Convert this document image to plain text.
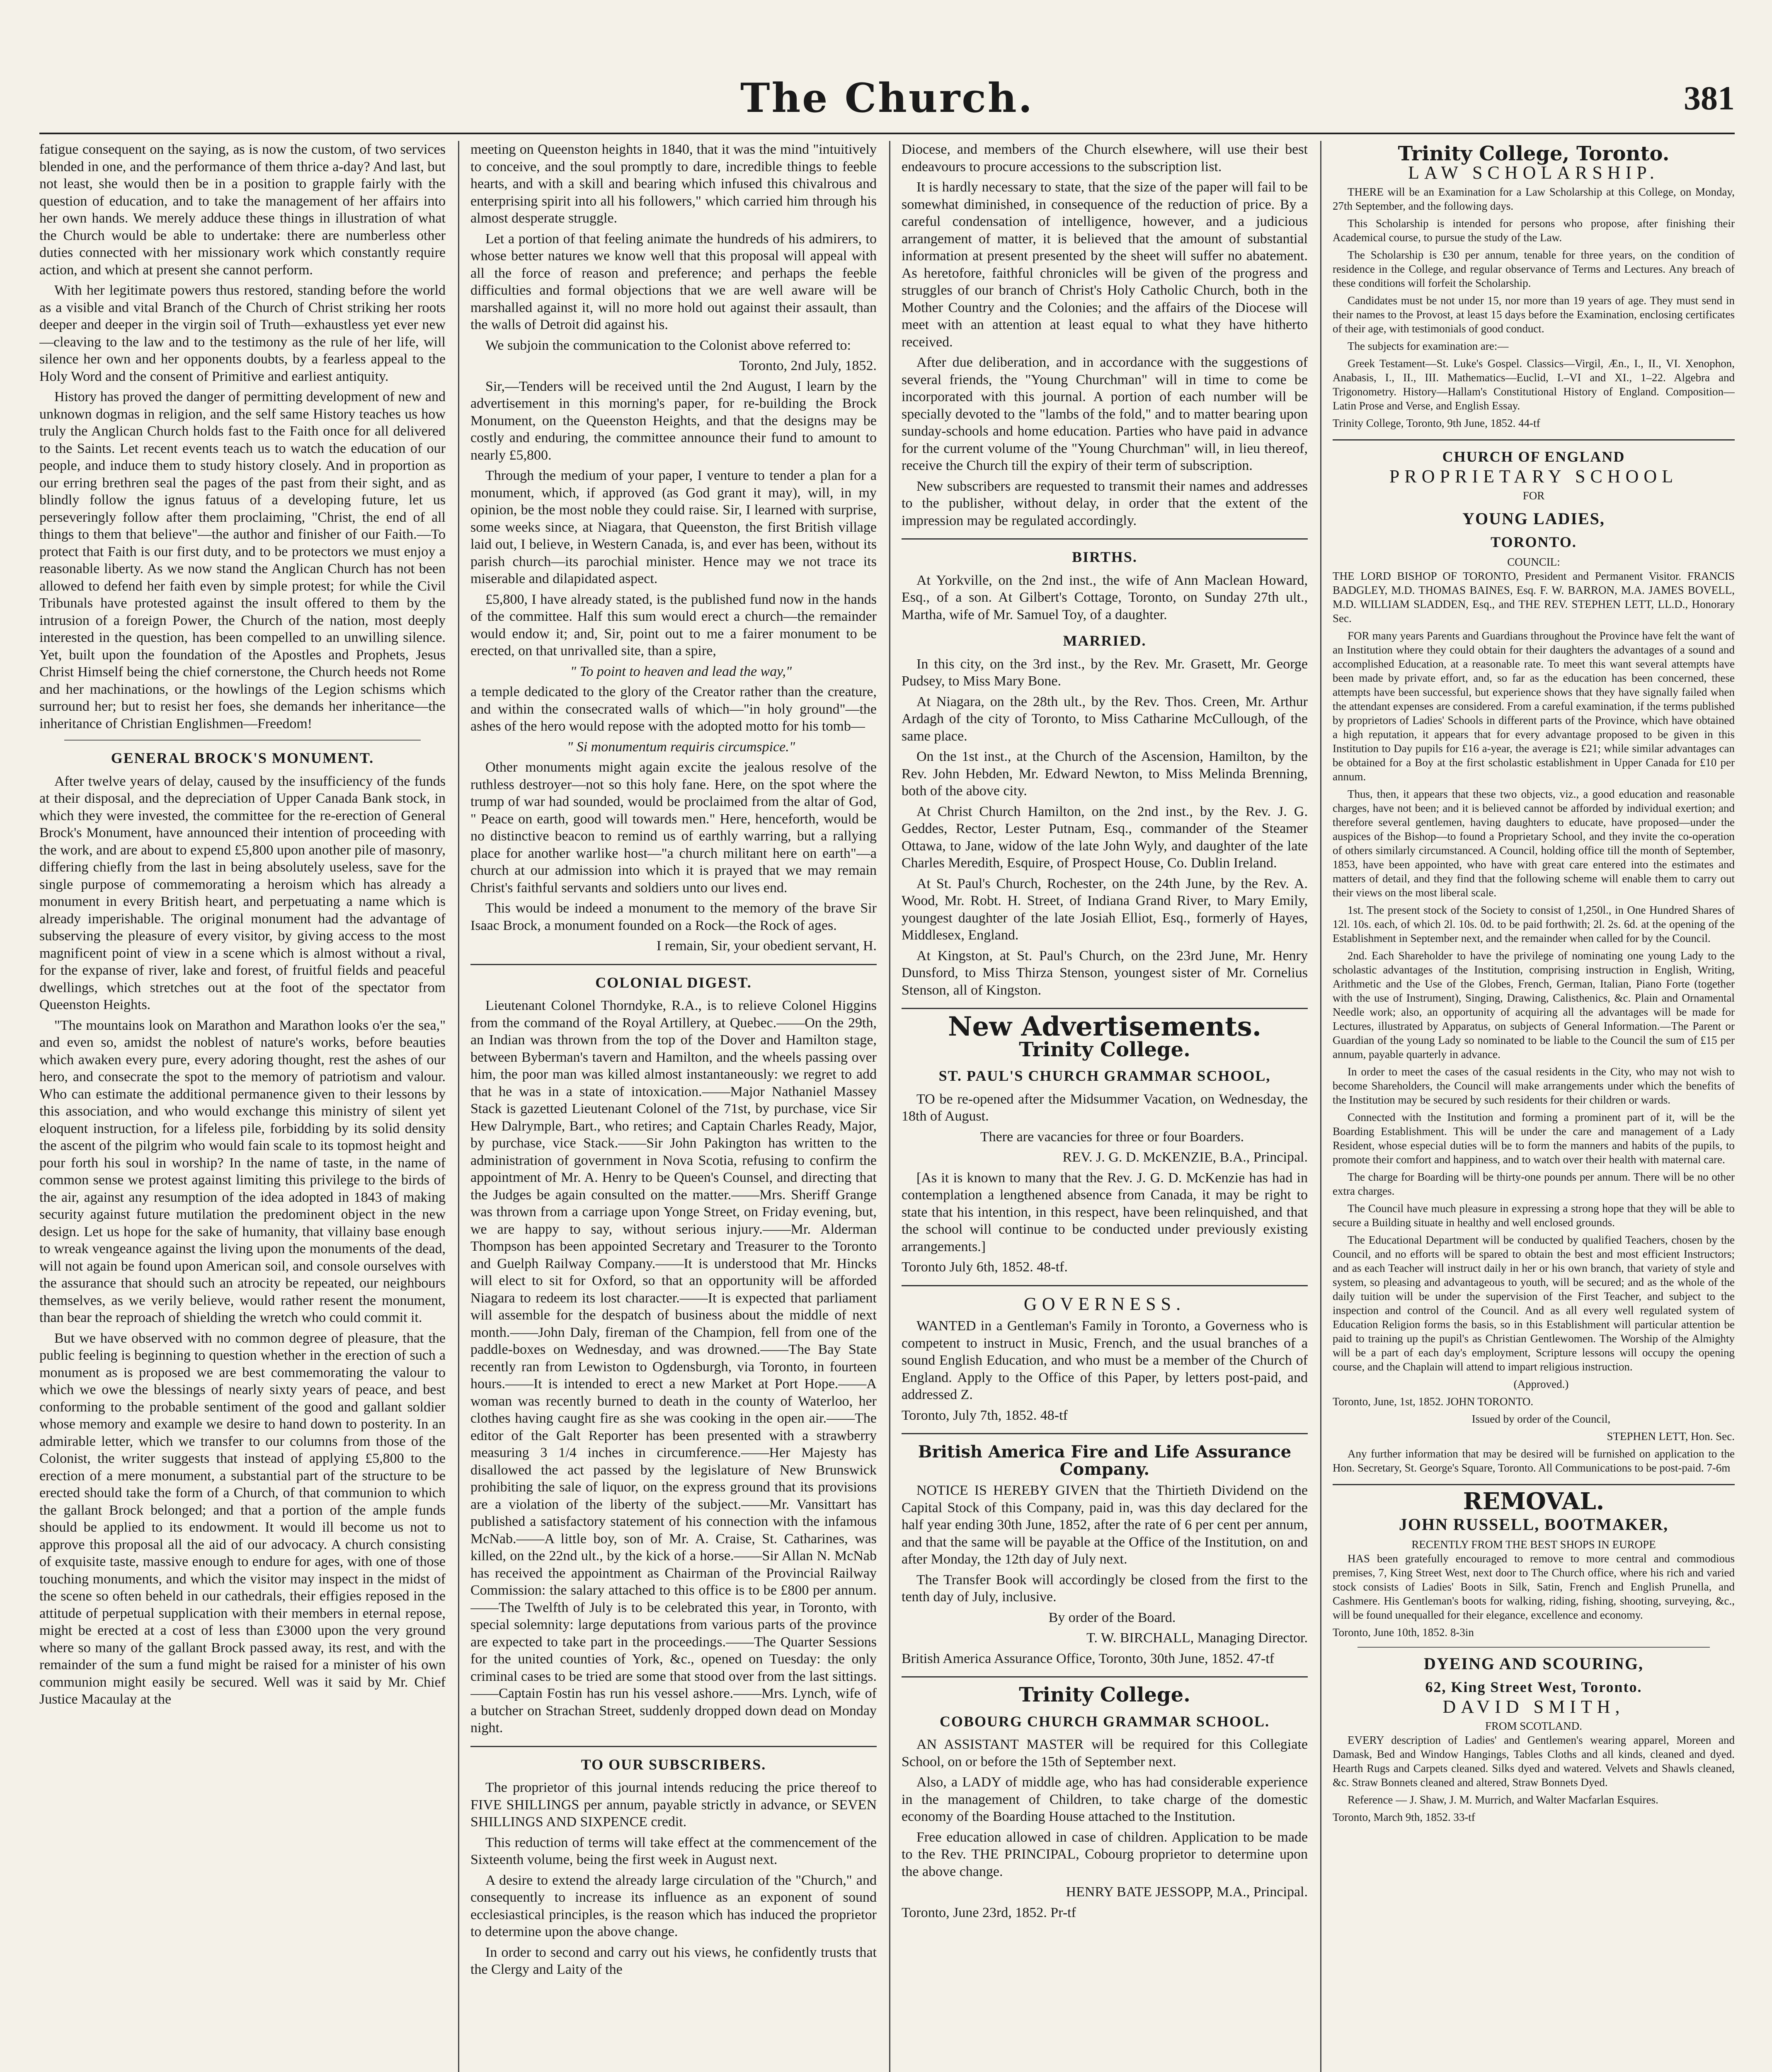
The Church.	381

fatigue consequent on the saying, as is now the custom, of two services blended in one, and the performance of them thrice a-day? And last, but not least, she would then be in a position to grapple fairly with the question of education, and to take the management of her affairs into her own hands. We merely adduce these things in illustration of what the Church would be able to undertake: there are numberless other duties connected with her missionary work which constantly require action, and which at present she cannot perform.

With her legitimate powers thus restored, standing before the world as a visible and vital Branch of the Church of Christ striking her roots deeper and deeper in the virgin soil of Truth—exhaustless yet ever new—cleaving to the law and to the testimony as the rule of her life, will silence her own and her opponents doubts, by a fearless appeal to the Holy Word and the consent of Primitive and earliest antiquity.

History has proved the danger of permitting development of new and unknown dogmas in religion, and the self same History teaches us how truly the Anglican Church holds fast to the Faith once for all delivered to the Saints. Let recent events teach us to watch the education of our people, and induce them to study history closely. And in proportion as our erring brethren seal the pages of the past from their sight, and as blindly follow the ignus fatuus of a developing future, let us perseveringly follow after them proclaiming, "Christ, the end of all things to them that believe"—the author and finisher of our Faith.—To protect that Faith is our first duty, and to be protectors we must enjoy a reasonable liberty. As we now stand the Anglican Church has not been allowed to defend her faith even by simple protest; for while the Civil Tribunals have protested against the insult offered to them by the intrusion of a foreign Power, the Church of the nation, most deeply interested in the question, has been compelled to an unwilling silence. Yet, built upon the foundation of the Apostles and Prophets, Jesus Christ Himself being the chief cornerstone, the Church heeds not Rome and her machinations, or the howlings of the Legion schisms which surround her; but to resist her foes, she demands her inheritance—the inheritance of Christian Englishmen—Freedom!

GENERAL BROCK'S MONUMENT.

After twelve years of delay, caused by the insufficiency of the funds at their disposal, and the depreciation of Upper Canada Bank stock, in which they were invested, the committee for the re-erection of General Brock's Monument, have announced their intention of proceeding with the work, and are about to expend £5,800 upon another pile of masonry, differing chiefly from the last in being absolutely useless, save for the single purpose of commemorating a heroism which has already a monument in every British heart, and perpetuating a name which is already imperishable. The original monument had the advantage of subserving the pleasure of every visitor, by giving access to the most magnificent point of view in a scene which is almost without a rival, for the expanse of river, lake and forest, of fruitful fields and peaceful dwellings, which stretches out at the foot of the spectator from Queenston Heights.

"The mountains look on Marathon and Marathon looks o'er the sea," and even so, amidst the noblest of nature's works, before beauties which awaken every pure, every adoring thought, rest the ashes of our hero, and consecrate the spot to the memory of patriotism and valour. Who can estimate the additional permanence given to their lessons by this association, and who would exchange this ministry of silent yet eloquent instruction, for a lifeless pile, forbidding by its solid density the ascent of the pilgrim who would fain scale to its topmost height and pour forth his soul in worship? In the name of taste, in the name of common sense we protest against limiting this privilege to the birds of the air, against any resumption of the idea adopted in 1843 of making security against future mutilation the predominent object in the new design. Let us hope for the sake of humanity, that villainy base enough to wreak vengeance against the living upon the monuments of the dead, will not again be found upon American soil, and console ourselves with the assurance that should such an atrocity be repeated, our neighbours themselves, as we verily believe, would rather resent the monument, than bear the reproach of shielding the wretch who could commit it.

But we have observed with no common degree of pleasure, that the public feeling is beginning to question whether in the erection of such a monument as is proposed we are best commemorating the valour to which we owe the blessings of nearly sixty years of peace, and best conforming to the probable sentiment of the good and gallant soldier whose memory and example we desire to hand down to posterity. In an admirable letter, which we transfer to our columns from those of the Colonist, the writer suggests that instead of applying £5,800 to the erection of a mere monument, a substantial part of the structure to be erected should take the form of a Church, of that communion to which the gallant Brock belonged; and that a portion of the ample funds should be applied to its endowment. It would ill become us not to approve this proposal all the aid of our advocacy. A church consisting of exquisite taste, massive enough to endure for ages, with one of those touching monuments, and which the visitor may inspect in the midst of the scene so often beheld in our cathedrals, their effigies reposed in the attitude of perpetual supplication with their members in eternal repose, might be erected at a cost of less than £3000 upon the very ground where so many of the gallant Brock passed away, its rest, and with the remainder of the sum a fund might be raised for a minister of his own communion might easily be secured. Well was it said by Mr. Chief Justice Macaulay at the

meeting on Queenston heights in 1840, that it was the mind "intuitively to conceive, and the soul promptly to dare, incredible things to feeble hearts, and with a skill and bearing which infused this chivalrous and enterprising spirit into all his followers," which carried him through his almost desperate struggle.

Let a portion of that feeling animate the hundreds of his admirers, to whose better natures we know well that this proposal will appeal with all the force of reason and preference; and perhaps the feeble difficulties and formal objections that we are well aware will be marshalled against it, will no more hold out against their assault, than the walls of Detroit did against his.

We subjoin the communication to the Colonist above referred to:

Toronto, 2nd July, 1852.

Sir,—Tenders will be received until the 2nd August, I learn by the advertisement in this morning's paper, for re-building the Brock Monument, on the Queenston Heights, and that the designs may be costly and enduring, the committee announce their fund to amount to nearly £5,800.

Through the medium of your paper, I venture to tender a plan for a monument, which, if approved (as God grant it may), will, in my opinion, be the most noble they could raise. Sir, I learned with surprise, some weeks since, at Niagara, that Queenston, the first British village laid out, I believe, in Western Canada, is, and ever has been, without its parish church—its parochial minister. Hence may we not trace its miserable and dilapidated aspect.

£5,800, I have already stated, is the published fund now in the hands of the committee. Half this sum would erect a church—the remainder would endow it; and, Sir, point out to me a fairer monument to be erected, on that unrivalled site, than a spire,

" To point to heaven and lead the way,"

a temple dedicated to the glory of the Creator rather than the creature, and within the consecrated walls of which—"in holy ground"—the ashes of the hero would repose with the adopted motto for his tomb—

" Si monumentum requiris circumspice."

Other monuments might again excite the jealous resolve of the ruthless destroyer—not so this holy fane. Here, on the spot where the trump of war had sounded, would be proclaimed from the altar of God, " Peace on earth, good will towards men." Here, henceforth, would be no distinctive beacon to remind us of earthly warring, but a rallying place for another warlike host—"a church militant here on earth"—a church at our admission into which it is prayed that we may remain Christ's faithful servants and soldiers unto our lives end.

This would be indeed a monument to the memory of the brave Sir Isaac Brock, a monument founded on a Rock—the Rock of ages.

I remain, Sir, your obedient servant, H.

COLONIAL DIGEST.

Lieutenant Colonel Thorndyke, R.A., is to relieve Colonel Higgins from the command of the Royal Artillery, at Quebec.——On the 29th, an Indian was thrown from the top of the Dover and Hamilton stage, between Byberman's tavern and Hamilton, and the wheels passing over him, the poor man was killed almost instantaneously: we regret to add that he was in a state of intoxication.——Major Nathaniel Massey Stack is gazetted Lieutenant Colonel of the 71st, by purchase, vice Sir Hew Dalrymple, Bart., who retires; and Captain Charles Ready, Major, by purchase, vice Stack.——Sir John Pakington has written to the administration of government in Nova Scotia, refusing to confirm the appointment of Mr. A. Henry to be Queen's Counsel, and directing that the Judges be again consulted on the matter.——Mrs. Sheriff Grange was thrown from a carriage upon Yonge Street, on Friday evening, but, we are happy to say, without serious injury.——Mr. Alderman Thompson has been appointed Secretary and Treasurer to the Toronto and Guelph Railway Company.——It is understood that Mr. Hincks will elect to sit for Oxford, so that an opportunity will be afforded Niagara to redeem its lost character.——It is expected that parliament will assemble for the despatch of business about the middle of next month.——John Daly, fireman of the Champion, fell from one of the paddle-boxes on Wednesday, and was drowned.——The Bay State recently ran from Lewiston to Ogdensburgh, via Toronto, in fourteen hours.——It is intended to erect a new Market at Port Hope.——A woman was recently burned to death in the county of Waterloo, her clothes having caught fire as she was cooking in the open air.——The editor of the Galt Reporter has been presented with a strawberry measuring 3 1/4 inches in circumference.——Her Majesty has disallowed the act passed by the legislature of New Brunswick prohibiting the sale of liquor, on the express ground that its provisions are a violation of the liberty of the subject.——Mr. Vansittart has published a satisfactory statement of his connection with the infamous McNab.——A little boy, son of Mr. A. Craise, St. Catharines, was killed, on the 22nd ult., by the kick of a horse.——Sir Allan N. McNab has received the appointment as Chairman of the Provincial Railway Commission: the salary attached to this office is to be £800 per annum.——The Twelfth of July is to be celebrated this year, in Toronto, with special solemnity: large deputations from various parts of the province are expected to take part in the proceedings.——The Quarter Sessions for the united counties of York, &c., opened on Tuesday: the only criminal cases to be tried are some that stood over from the last sittings.——Captain Fostin has run his vessel ashore.——Mrs. Lynch, wife of a butcher on Strachan Street, suddenly dropped down dead on Monday night.

TO OUR SUBSCRIBERS.

The proprietor of this journal intends reducing the price thereof to FIVE SHILLINGS per annum, payable strictly in advance, or SEVEN SHILLINGS AND SIXPENCE credit.

This reduction of terms will take effect at the commencement of the Sixteenth volume, being the first week in August next.

A desire to extend the already large circulation of the "Church," and consequently to increase its influence as an exponent of sound ecclesiastical principles, is the reason which has induced the proprietor to determine upon the above change.

In order to second and carry out his views, he confidently trusts that the Clergy and Laity of the

Diocese, and members of the Church elsewhere, will use their best endeavours to procure accessions to the subscription list.

It is hardly necessary to state, that the size of the paper will fail to be somewhat diminished, in consequence of the reduction of price. By a careful condensation of intelligence, however, and a judicious arrangement of matter, it is believed that the amount of substantial information at present presented by the sheet will suffer no abatement. As heretofore, faithful chronicles will be given of the progress and struggles of our branch of Christ's Holy Catholic Church, both in the Mother Country and the Colonies; and the affairs of the Diocese will meet with an attention at least equal to what they have hitherto received.

After due deliberation, and in accordance with the suggestions of several friends, the "Young Churchman" will in time to come be incorporated with this journal. A portion of each number will be specially devoted to the "lambs of the fold," and to matter bearing upon sunday-schools and home education. Parties who have paid in advance for the current volume of the "Young Churchman" will, in lieu thereof, receive the Church till the expiry of their term of subscription.

New subscribers are requested to transmit their names and addresses to the publisher, without delay, in order that the extent of the impression may be regulated accordingly.

BIRTHS.

At Yorkville, on the 2nd inst., the wife of Ann Maclean Howard, Esq., of a son. At Gilbert's Cottage, Toronto, on Sunday 27th ult., Martha, wife of Mr. Samuel Toy, of a daughter.

MARRIED.

In this city, on the 3rd inst., by the Rev. Mr. Grasett, Mr. George Pudsey, to Miss Mary Bone.

At Niagara, on the 28th ult., by the Rev. Thos. Creen, Mr. Arthur Ardagh of the city of Toronto, to Miss Catharine McCullough, of the same place.

On the 1st inst., at the Church of the Ascension, Hamilton, by the Rev. John Hebden, Mr. Edward Newton, to Miss Melinda Brenning, both of the above city.

At Christ Church Hamilton, on the 2nd inst., by the Rev. J. G. Geddes, Rector, Lester Putnam, Esq., commander of the Steamer Ottawa, to Jane, widow of the late John Wyly, and daughter of the late Charles Meredith, Esquire, of Prospect House, Co. Dublin Ireland.

At St. Paul's Church, Rochester, on the 24th June, by the Rev. A. Wood, Mr. Robt. H. Street, of Indiana Grand River, to Mary Emily, youngest daughter of the late Josiah Elliot, Esq., formerly of Hayes, Middlesex, England.

At Kingston, at St. Paul's Church, on the 23rd June, Mr. Henry Dunsford, to Miss Thirza Stenson, youngest sister of Mr. Cornelius Stenson, all of Kingston.

New Advertisements.
Trinity College.
ST. PAUL'S CHURCH GRAMMAR SCHOOL,

TO be re-opened after the Midsummer Vacation, on Wednesday, the 18th of August.

There are vacancies for three or four Boarders.

REV. J. G. D. McKENZIE, B.A., Principal.

[As it is known to many that the Rev. J. G. D. McKenzie has had in contemplation a lengthened absence from Canada, it may be right to state that his intention, in this respect, have been relinquished, and that the school will continue to be conducted under previously existing arrangements.]

Toronto July 6th, 1852. 48-tf.

GOVERNESS.

WANTED in a Gentleman's Family in Toronto, a Governess who is competent to instruct in Music, French, and the usual branches of a sound English Education, and who must be a member of the Church of England. Apply to the Office of this Paper, by letters post-paid, and addressed Z.

Toronto, July 7th, 1852. 48-tf

British America Fire and Life Assurance Company.

NOTICE IS HEREBY GIVEN that the Thirtieth Dividend on the Capital Stock of this Company, paid in, was this day declared for the half year ending 30th June, 1852, after the rate of 6 per cent per annum, and that the same will be payable at the Office of the Institution, on and after Monday, the 12th day of July next.

The Transfer Book will accordingly be closed from the first to the tenth day of July, inclusive.

By order of the Board.

T. W. BIRCHALL, Managing Director.

British America Assurance Office, Toronto, 30th June, 1852. 47-tf

Trinity College.
COBOURG CHURCH GRAMMAR SCHOOL.

AN ASSISTANT MASTER will be required for this Collegiate School, on or before the 15th of September next.

Also, a LADY of middle age, who has had considerable experience in the management of Children, to take charge of the domestic economy of the Boarding House attached to the Institution.

Free education allowed in case of children. Application to be made to the Rev. THE PRINCIPAL, Cobourg proprietor to determine upon the above change.

HENRY BATE JESSOPP, M.A., Principal.

Toronto, June 23rd, 1852. Pr-tf

Trinity College, Toronto.
LAW SCHOLARSHIP.

THERE will be an Examination for a Law Scholarship at this College, on Monday, 27th September, and the following days.

This Scholarship is intended for persons who propose, after finishing their Academical course, to pursue the study of the Law.

The Scholarship is £30 per annum, tenable for three years, on the condition of residence in the College, and regular observance of Terms and Lectures. Any breach of these conditions will forfeit the Scholarship.

Candidates must be not under 15, nor more than 19 years of age. They must send in their names to the Provost, at least 15 days before the Examination, enclosing certificates of their age, with testimonials of good conduct.

The subjects for examination are:—

Greek Testament—St. Luke's Gospel. Classics—Virgil, Æn., I., II., VI. Xenophon, Anabasis, I., II., III. Mathematics—Euclid, I.–VI and XI., 1–22. Algebra and Trigonometry. History—Hallam's Constitutional History of England. Composition—Latin Prose and Verse, and English Essay.

Trinity College, Toronto, 9th June, 1852. 44-tf

CHURCH OF ENGLAND
PROPRIETARY SCHOOL
FOR
YOUNG LADIES,
TORONTO.
COUNCIL:

THE LORD BISHOP OF TORONTO, President and Permanent Visitor. FRANCIS BADGLEY, M.D. THOMAS BAINES, Esq. F. W. BARRON, M.A. JAMES BOVELL, M.D. WILLIAM SLADDEN, Esq., and THE REV. STEPHEN LETT, LL.D., Honorary Sec.

FOR many years Parents and Guardians throughout the Province have felt the want of an Institution where they could obtain for their daughters the advantages of a sound and accomplished Education, at a reasonable rate. To meet this want several attempts have been made by private effort, and, so far as the education has been concerned, these attempts have been successful, but experience shows that they have signally failed when the attendant expenses are considered. From a careful examination, if the terms published by proprietors of Ladies' Schools in different parts of the Province, which have obtained a high reputation, it appears that for every advantage proposed to be given in this Institution to Day pupils for £16 a-year, the average is £21; while similar advantages can be obtained for a Boy at the first scholastic establishment in Upper Canada for £10 per annum.

Thus, then, it appears that these two objects, viz., a good education and reasonable charges, have not been; and it is believed cannot be afforded by individual exertion; and therefore several gentlemen, having daughters to educate, have proposed—under the auspices of the Bishop—to found a Proprietary School, and they invite the co-operation of others similarly circumstanced. A Council, holding office till the month of September, 1853, have been appointed, who have with great care entered into the estimates and matters of detail, and they find that the following scheme will enable them to carry out their views on the most liberal scale.

1st. The present stock of the Society to consist of 1,250l., in One Hundred Shares of 12l. 10s. each, of which 2l. 10s. 0d. to be paid forthwith; 2l. 2s. 6d. at the opening of the Establishment in September next, and the remainder when called for by the Council.

2nd. Each Shareholder to have the privilege of nominating one young Lady to the scholastic advantages of the Institution, comprising instruction in English, Writing, Arithmetic and the Use of the Globes, French, German, Italian, Piano Forte (together with the use of Instrument), Singing, Drawing, Calisthenics, &c. Plain and Ornamental Needle work; also, an opportunity of acquiring all the advantages will be made for Lectures, illustrated by Apparatus, on subjects of General Information.—The Parent or Guardian of the young Lady so nominated to be liable to the Council the sum of £15 per annum, payable quarterly in advance.

In order to meet the cases of the casual residents in the City, who may not wish to become Shareholders, the Council will make arrangements under which the benefits of the Institution may be secured by such residents for their children or wards.

Connected with the Institution and forming a prominent part of it, will be the Boarding Establishment. This will be under the care and management of a Lady Resident, whose especial duties will be to form the manners and habits of the pupils, to promote their comfort and happiness, and to watch over their health with maternal care.

The charge for Boarding will be thirty-one pounds per annum. There will be no other extra charges.

The Council have much pleasure in expressing a strong hope that they will be able to secure a Building situate in healthy and well enclosed grounds.

The Educational Department will be conducted by qualified Teachers, chosen by the Council, and no efforts will be spared to obtain the best and most efficient Instructors; and as each Teacher will instruct daily in her or his own branch, that variety of style and system, so pleasing and advantageous to youth, will be secured; and as the whole of the daily tuition will be under the supervision of the First Teacher, and subject to the inspection and control of the Council. And as all every well regulated system of Education Religion forms the basis, so in this Establishment will particular attention be paid to training up the pupil's as Christian Gentlewomen. The Worship of the Almighty will be a part of each day's employment, Scripture lessons will occupy the opening course, and the Chaplain will attend to impart religious instruction.

(Approved.)

Toronto, June, 1st, 1852. JOHN TORONTO.

Issued by order of the Council,

STEPHEN LETT, Hon. Sec.

Any further information that may be desired will be furnished on application to the Hon. Secretary, St. George's Square, Toronto. All Communications to be post-paid. 7-6m

REMOVAL.
JOHN RUSSELL, BOOTMAKER,
RECENTLY FROM THE BEST SHOPS IN EUROPE

HAS been gratefully encouraged to remove to more central and commodious premises, 7, King Street West, next door to The Church office, where his rich and varied stock consists of Ladies' Boots in Silk, Satin, French and English Prunella, and Cashmere. His Gentleman's boots for walking, riding, fishing, shooting, surveying, &c., will be found unequalled for their elegance, excellence and economy.

Toronto, June 10th, 1852. 8-3in

DYEING AND SCOURING,
62, King Street West, Toronto.
DAVID SMITH,
FROM SCOTLAND.

EVERY description of Ladies' and Gentlemen's wearing apparel, Moreen and Damask, Bed and Window Hangings, Tables Cloths and all kinds, cleaned and dyed. Hearth Rugs and Carpets cleaned. Silks dyed and watered. Velvets and Shawls cleaned, &c. Straw Bonnets cleaned and altered, Straw Bonnets Dyed.

Reference — J. Shaw, J. M. Murrich, and Walter Macfarlan Esquires.

Toronto, March 9th, 1852. 33-tf
